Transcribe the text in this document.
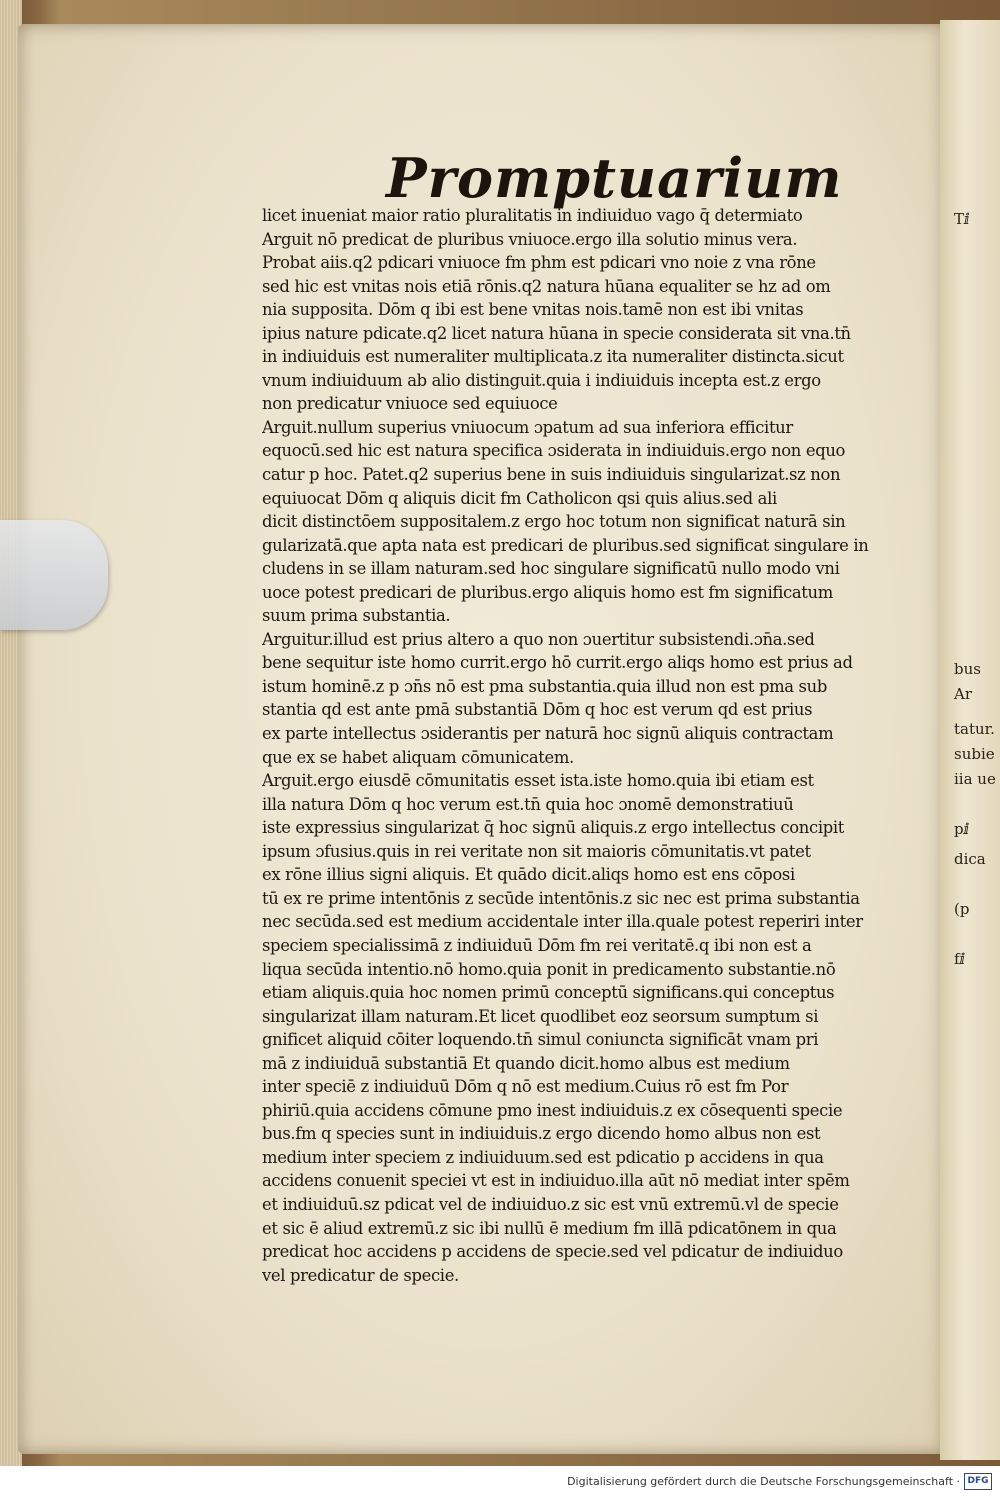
Promptuarium
Tⅈ
bus
Ar
tatur.
subie
iia ue
pⅈ
dica
(p
fⅈ
licet inueniat maior ratio pluralitatis in indiuiduo vago q̄ determiato
Arguit nō predicat de pluribus vniuoce.ergo illa solutio minus vera.
Probat aiis.q2 pdicari vniuoce fm phm est pdicari vno noie z vna rōne
sed hic est vnitas nois etiā rōnis.q2 natura hūana equaliter se hz ad om
nia supposita. Dōm q ibi est bene vnitas nois.tamē non est ibi vnitas
ipius nature pdicate.q2 licet natura hūana in specie considerata sit vna.tn̄
in indiuiduis est numeraliter multiplicata.z ita numeraliter distincta.sicut
vnum indiuiduum ab alio distinguit.quia i indiuiduis incepta est.z ergo
non predicatur vniuoce sed equiuoce
Arguit.nullum superius vniuocum ɔpatum ad sua inferiora efficitur
equocū.sed hic est natura specifica ɔsiderata in indiuiduis.ergo non equo
catur p hoc. Patet.q2 superius bene in suis indiuiduis singularizat.sz non
equiuocat Dōm q aliquis dicit fm Catholicon qsi quis alius.sed ali
dicit distinctōem suppositalem.z ergo hoc totum non significat naturā sin
gularizatā.que apta nata est predicari de pluribus.sed significat singulare in
cludens in se illam naturam.sed hoc singulare significatū nullo modo vni
uoce potest predicari de pluribus.ergo aliquis homo est fm significatum
suum prima substantia.
Arguitur.illud est prius altero a quo non ɔuertitur subsistendi.ɔn̄a.sed
bene sequitur iste homo currit.ergo hō currit.ergo aliqs homo est prius ad
istum hominē.z p ɔn̄s nō est pma substantia.quia illud non est pma sub
stantia qd est ante pmā substantiā Dōm q hoc est verum qd est prius
ex parte intellectus ɔsiderantis per naturā hoc signū aliquis contractam
que ex se habet aliquam cōmunicatem.
Arguit.ergo eiusdē cōmunitatis esset ista.iste homo.quia ibi etiam est
illa natura Dōm q hoc verum est.tn̄ quia hoc ɔnomē demonstratiuū
iste expressius singularizat q̄ hoc signū aliquis.z ergo intellectus concipit
ipsum ɔfusius.quis in rei veritate non sit maioris cōmunitatis.vt patet
ex rōne illius signi aliquis. Et quādo dicit.aliqs homo est ens cōposi
tū ex re prime intentōnis z secūde intentōnis.z sic nec est prima substantia
nec secūda.sed est medium accidentale inter illa.quale potest reperiri inter
speciem specialissimā z indiuiduū Dōm fm rei veritatē.q ibi non est a
liqua secūda intentio.nō homo.quia ponit in predicamento substantie.nō
etiam aliquis.quia hoc nomen primū conceptū significans.qui conceptus
singularizat illam naturam.Et licet quodlibet eoz seorsum sumptum si
gnificet aliquid cōiter loquendo.tn̄ simul coniuncta significāt vnam pri
mā z indiuiduā substantiā Et quando dicit.homo albus est medium
inter speciē z indiuiduū Dōm q nō est medium.Cuius rō est fm Por
phiriū.quia accidens cōmune pmo inest indiuiduis.z ex cōsequenti specie
bus.fm q species sunt in indiuiduis.z ergo dicendo homo albus non est
medium inter speciem z indiuiduum.sed est pdicatio p accidens in qua
accidens conuenit speciei vt est in indiuiduo.illa aūt nō mediat inter spēm
et indiuiduū.sz pdicat vel de indiuiduo.z sic est vnū extremū.vl de specie
et sic ē aliud extremū.z sic ibi nullū ē medium fm illā pdicatōnem in qua
predicat hoc accidens p accidens de specie.sed vel pdicatur de indiuiduo
vel predicatur de specie.
Digitalisierung gefördert durch die Deutsche Forschungsgemeinschaft · DFG
